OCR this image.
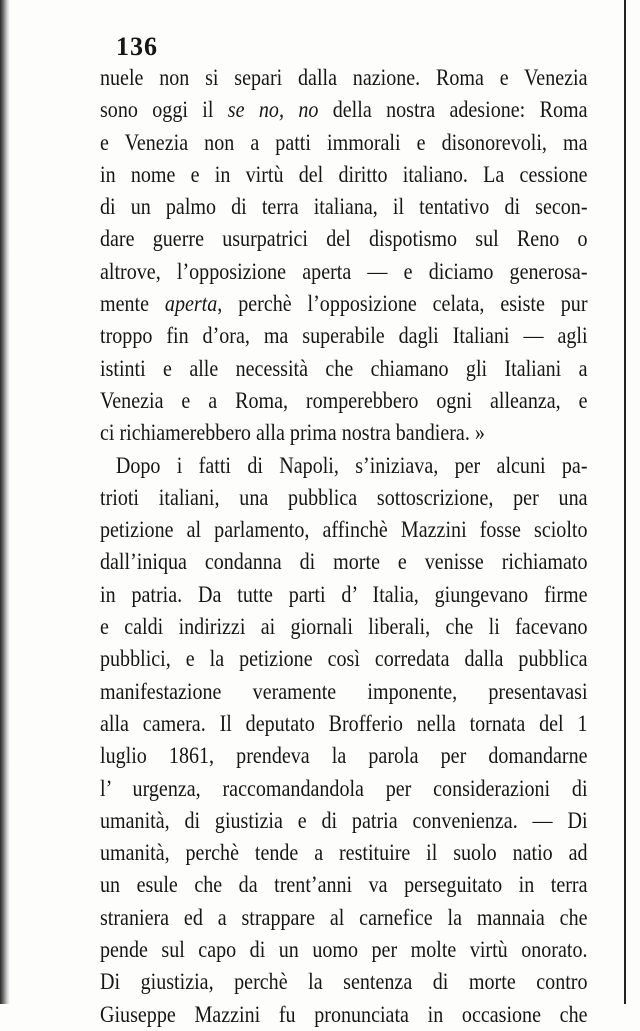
136
nuele non si separi dalla nazione. Roma e Venezia
sono oggi il se no, no della nostra adesione: Roma
e Venezia non a patti immorali e disonorevoli, ma
in nome e in virtù del diritto italiano. La cessione
di un palmo di terra italiana, il tentativo di secon-
dare guerre usurpatrici del dispotismo sul Reno o
altrove, l’opposizione aperta — e diciamo generosa-
mente aperta, perchè l’opposizione celata, esiste pur
troppo fin d’ora, ma superabile dagli Italiani — agli
istinti e alle necessità che chiamano gli Italiani a
Venezia e a Roma, romperebbero ogni alleanza, e
ci richiamerebbero alla prima nostra bandiera. »
Dopo i fatti di Napoli, s’iniziava, per alcuni pa-
trioti italiani, una pubblica sottoscrizione, per una
petizione al parlamento, affinchè Mazzini fosse sciolto
dall’iniqua condanna di morte e venisse richiamato
in patria. Da tutte parti d’ Italia, giungevano firme
e caldi indirizzi ai giornali liberali, che li facevano
pubblici, e la petizione così corredata dalla pubblica
manifestazione veramente imponente, presentavasi
alla camera. Il deputato Brofferio nella tornata del 1
luglio 1861, prendeva la parola per domandarne
l’ urgenza, raccomandandola per considerazioni di
umanità, di giustizia e di patria convenienza. — Di
umanità, perchè tende a restituire il suolo natio ad
un esule che da trent’anni va perseguitato in terra
straniera ed a strappare al carnefice la mannaia che
pende sul capo di un uomo per molte virtù onorato.
Di giustizia, perchè la sentenza di morte contro
Giuseppe Mazzini fu pronunciata in occasione che
